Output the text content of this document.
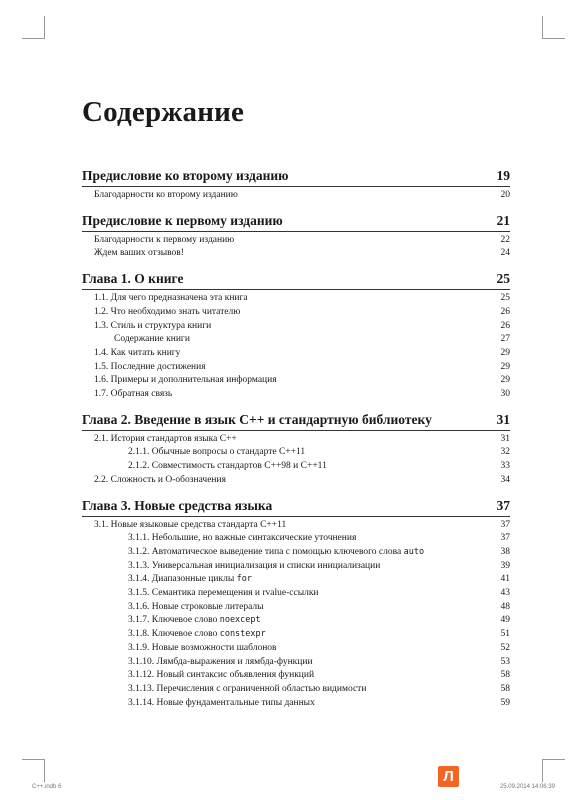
Содержание
Предисловие ко второму изданию	19
Благодарности ко второму изданию	20
Предисловие к первому изданию	21
Благодарности к первому изданию	22
Ждем ваших отзывов!	24
Глава 1. О книге	25
1.1. Для чего предназначена эта книга	25
1.2. Что необходимо знать читателю	26
1.3. Стиль и структура книги	26
Содержание книги	27
1.4. Как читать книгу	29
1.5. Последние достижения	29
1.6. Примеры и дополнительная информация	29
1.7. Обратная связь	30
Глава 2. Введение в язык C++ и стандартную библиотеку	31
2.1. История стандартов языка C++	31
2.1.1. Обычные вопросы о стандарте C++11	32
2.1.2. Совместимость стандартов C++98 и C++11	33
2.2. Сложность и O-обозначения	34
Глава 3. Новые средства языка	37
3.1. Новые языковые средства стандарта C++11	37
3.1.1. Небольшие, но важные синтаксические уточнения	37
3.1.2. Автоматическое выведение типа с помощью ключевого слова auto	38
3.1.3. Универсальная инициализация и списки инициализации	39
3.1.4. Диапазонные циклы for	41
3.1.5. Семантика перемещения и rvalue-ссылки	43
3.1.6. Новые строковые литералы	48
3.1.7. Ключевое слово noexcept	49
3.1.8. Ключевое слово constexpr	51
3.1.9. Новые возможности шаблонов	52
3.1.10. Лямбда-выражения и лямбда-функции	53
3.1.12. Новый синтаксис объявления функций	58
3.1.13. Перечисления с ограниченной областью видимости	58
3.1.14. Новые фундаментальные типы данных	59
C++.indb 6
Л
25.09.2014 14:06:39
